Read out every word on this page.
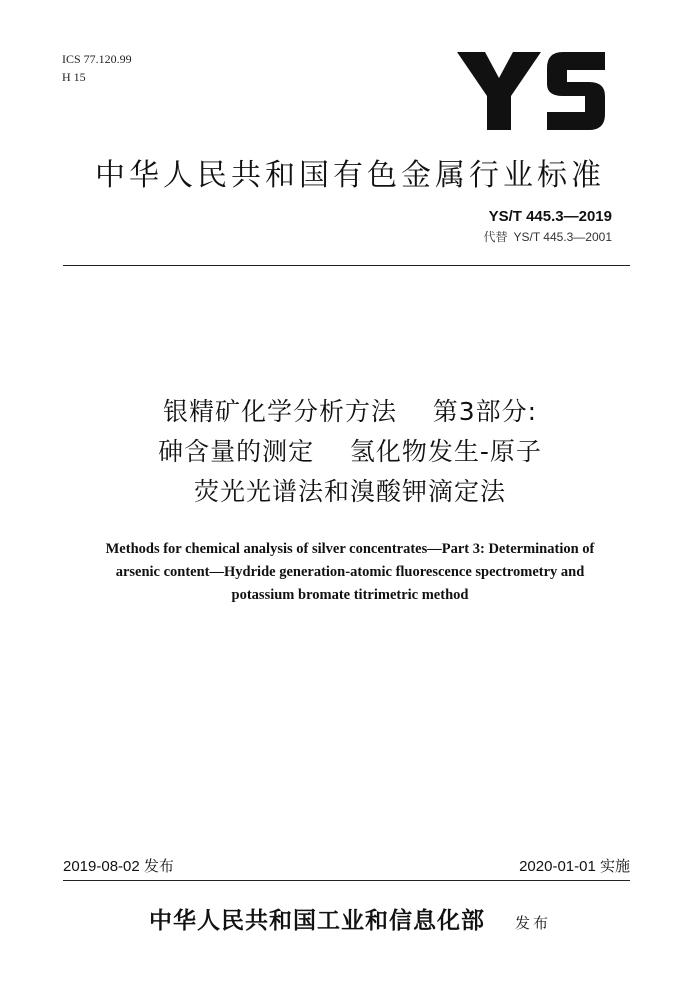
ICS 77.120.99
H 15
中华人民共和国有色金属行业标准
YS/T 445.3—2019
代替 YS/T 445.3—2001
银精矿化学分析方法    第3部分:
砷含量的测定    氢化物发生-原子
荧光光谱法和溴酸钾滴定法
Methods for chemical analysis of silver concentrates—Part 3: Determination of
arsenic content—Hydride generation-atomic fluorescence spectrometry and
potassium bromate titrimetric method
2019-08-02 发布	2020-01-01 实施
中华人民共和国工业和信息化部 发布
